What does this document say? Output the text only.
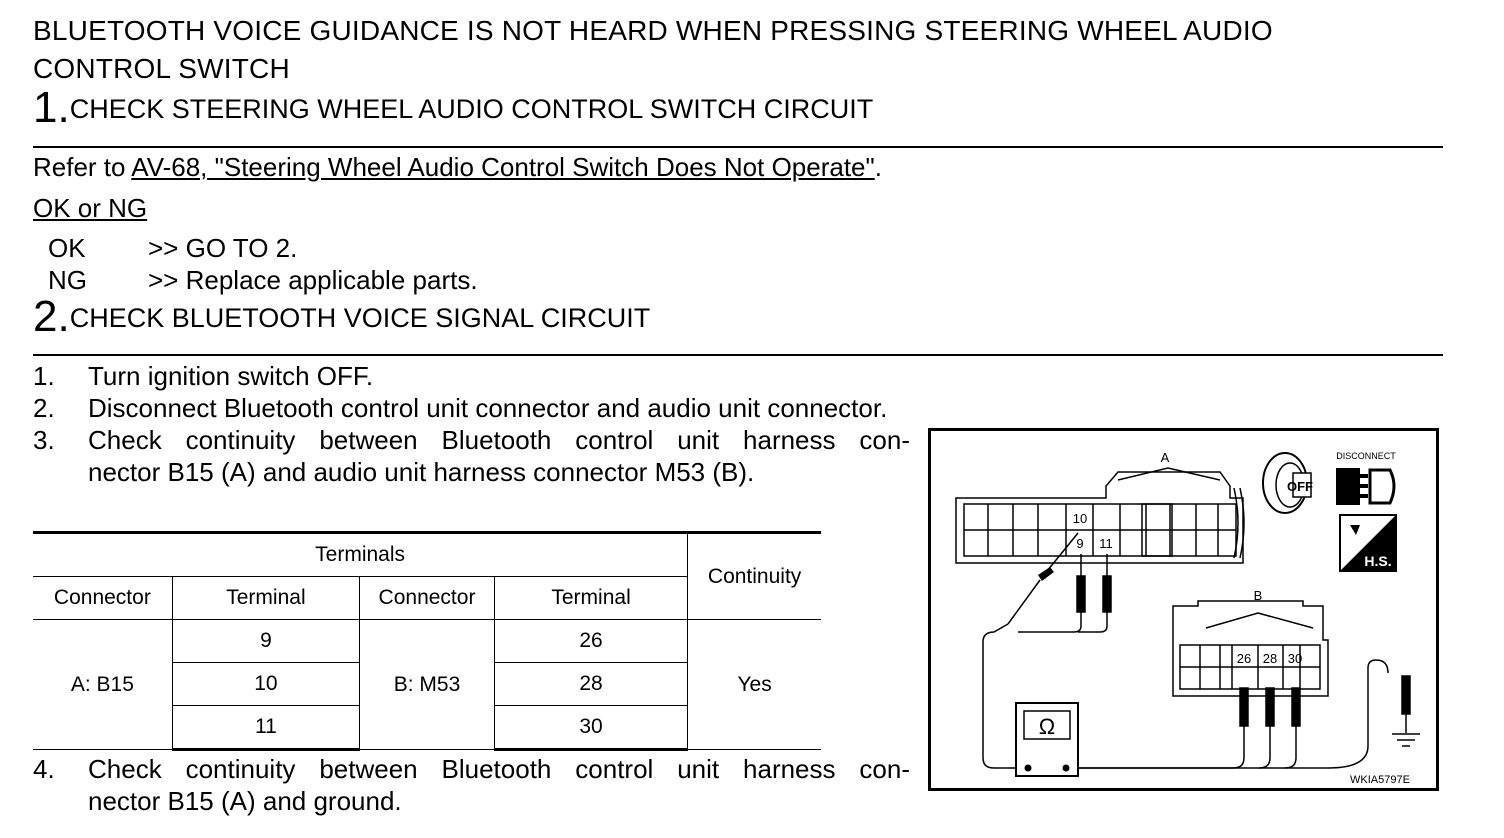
BLUETOOTH VOICE GUIDANCE IS NOT HEARD WHEN PRESSING STEERING WHEEL AUDIO
CONTROL SWITCH
1.CHECK STEERING WHEEL AUDIO CONTROL SWITCH CIRCUIT
Refer to AV-68, "Steering Wheel Audio Control Switch Does Not Operate".
OK or NG
OK >> GO TO 2.
NG >> Replace applicable parts.
2.CHECK BLUETOOTH VOICE SIGNAL CIRCUIT
1. Turn ignition switch OFF.
2. Disconnect Bluetooth control unit connector and audio unit connector.
3. Check continuity between Bluetooth control unit harness con-
nector B15 (A) and audio unit harness connector M53 (B).
Terminals				Continuity
Connector	Terminal	Connector	Terminal	
A: B15	9	B: M53	26	Yes
	10		28	
	11		30	
4. Check continuity between Bluetooth control unit harness con-
nector B15 (A) and ground.
A
10
9 11
OFF
DISCONNECT
H.S.
B
26 28 30
Ω
WKIA5797E
